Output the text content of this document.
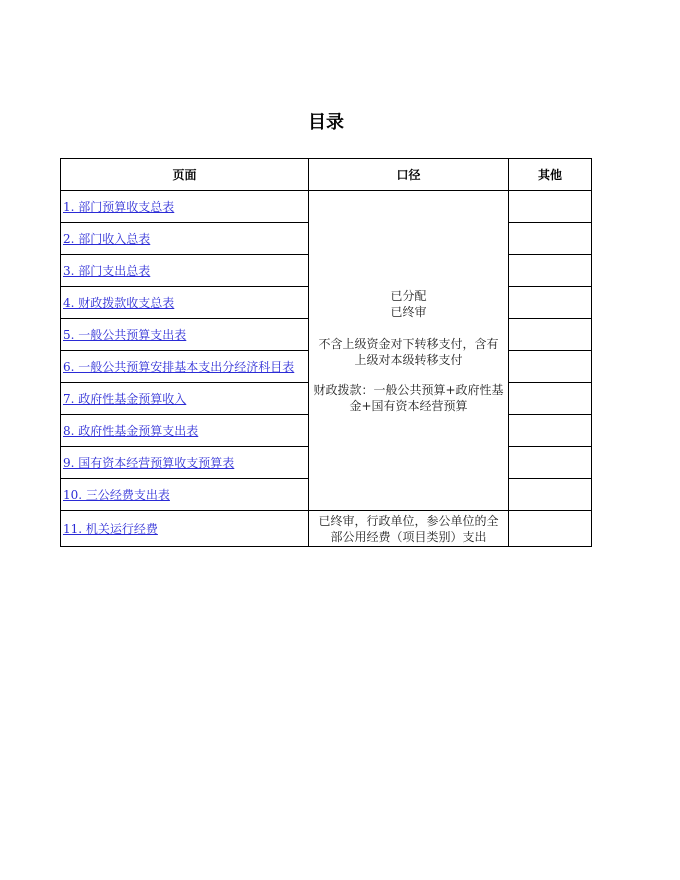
目录
页面	口径	其他
1. 部门预算收支总表	已分配
已终审
不含上级资金对下转移支付，含有上级对本级转移支付
财政拨款：一般公共预算+政府性基金+国有资本经营预算	

2. 部门收入总表		
3. 部门支出总表		
4. 财政拨款收支总表		
5. 一般公共预算支出表		
6. 一般公共预算安排基本支出分经济科目表		
7. 政府性基金预算收入		
8. 政府性基金预算支出表		
9. 国有资本经营预算收支预算表		
10. 三公经费支出表		
11. 机关运行经费	已终审，行政单位，参公单位的全部公用经费（项目类别）支出	
